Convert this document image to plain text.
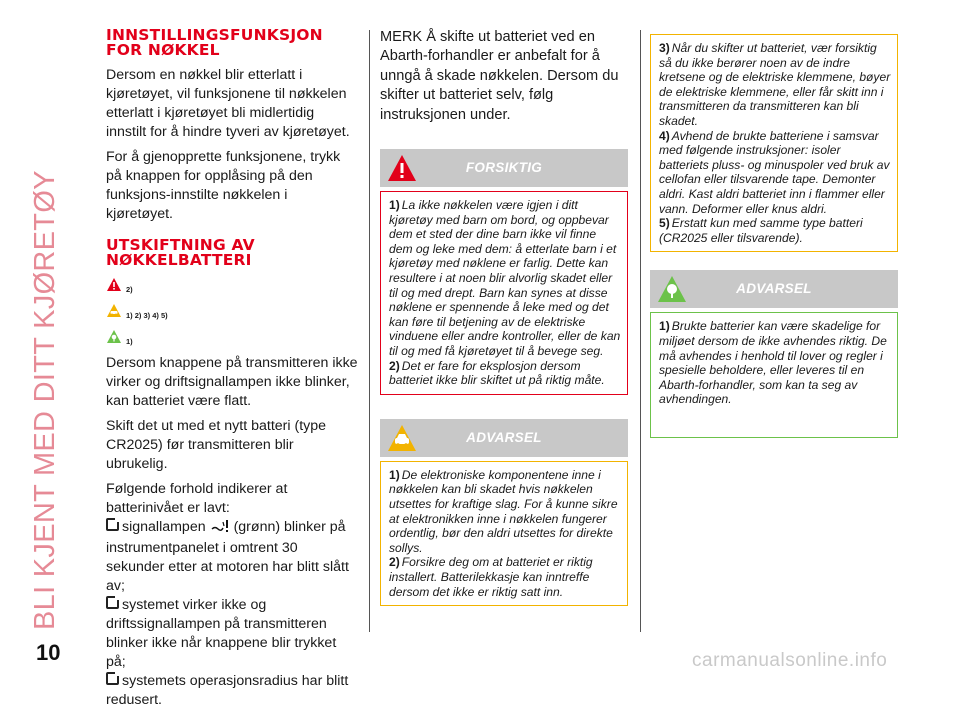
BLI KJENT MED DITT KJØRETØY
10
INNSTILLINGSFUNKSJON FOR NØKKEL

Dersom en nøkkel blir etterlatt i kjøretøyet, vil funksjonene til nøkkelen etterlatt i kjøretøyet bli midlertidig innstilt for å hindre tyveri av kjøretøyet.

For å gjenopprette funksjonene, trykk på knappen for opplåsing på den funksjons-innstilte nøkkelen i kjøretøyet.

UTSKIFTNING AV NØKKELBATTERI
2)
1) 2) 3) 4) 5)
1)

Dersom knappene på transmitteren ikke virker og driftsignallampen ikke blinker, kan batteriet være flatt.

Skift det ut med et nytt batteri (type CR2025) før transmitteren blir ubrukelig.

Følgende forhold indikerer at batterinivået er lavt:

signallampen (grønn) blinker på instrumentpanelet i omtrent 30 sekunder etter at motoren har blitt slått av;

systemet virker ikke og driftssignallampen på transmitteren blinker ikke når knappene blir trykket på;

systemets operasjonsradius har blitt redusert.

MERK Å skifte ut batteriet ved en Abarth-forhandler er anbefalt for å unngå å skade nøkkelen. Dersom du skifter ut batteriet selv, følg instruksjonen under.

FORSIKTIG
1) La ikke nøkkelen være igjen i ditt kjøretøy med barn om bord, og oppbevar dem et sted der dine barn ikke vil finne dem og leke med dem: å etterlate barn i et kjøretøy med nøklene er farlig. Dette kan resultere i at noen blir alvorlig skadet eller til og med drept. Barn kan synes at disse nøklene er spennende å leke med og det kan føre til betjening av de elektriske vinduene eller andre kontroller, eller de kan til og med få kjøretøyet til å bevege seg.
2) Det er fare for eksplosjon dersom batteriet ikke blir skiftet ut på riktig måte.
ADVARSEL
1) De elektroniske komponentene inne i nøkkelen kan bli skadet hvis nøkkelen utsettes for kraftige slag. For å kunne sikre at elektronikken inne i nøkkelen fungerer ordentlig, bør den aldri utsettes for direkte sollys.
2) Forsikre deg om at batteriet er riktig installert. Batterilekkasje kan inntreffe dersom det ikke er riktig satt inn.
3) Når du skifter ut batteriet, vær forsiktig så du ikke berører noen av de indre kretsene og de elektriske klemmene, bøyer de elektriske klemmene, eller får skitt inn i transmitteren da transmitteren kan bli skadet.
4) Avhend de brukte batteriene i samsvar med følgende instruksjoner: isoler batteriets pluss- og minuspoler ved bruk av cellofan eller tilsvarende tape. Demonter aldri. Kast aldri batteriet inn i flammer eller vann. Deformer eller knus aldri.
5) Erstatt kun med samme type batteri (CR2025 eller tilsvarende).
ADVARSEL
1) Brukte batterier kan være skadelige for miljøet dersom de ikke avhendes riktig. De må avhendes i henhold til lover og regler i spesielle beholdere, eller leveres til en Abarth-forhandler, som kan ta seg av avhendingen.
carmanualsonline.info
